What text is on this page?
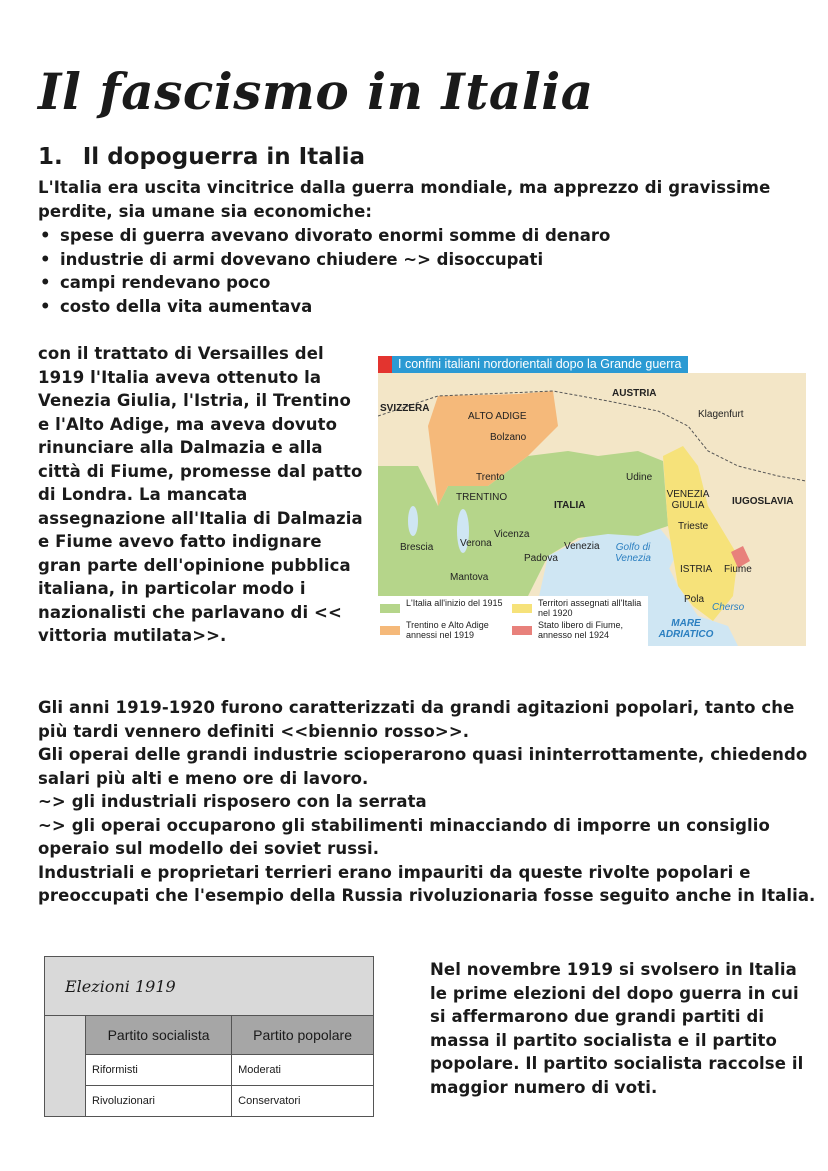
Il fascismo in Italia
1. Il dopoguerra in Italia
L'Italia era uscita vincitrice dalla guerra mondiale, ma apprezzo di gravissime perdite, sia umane sia economiche:
• spese di guerra avevano divorato enormi somme di denaro
• industrie di armi dovevano chiudere ~> disoccupati
• campi rendevano poco
• costo della vita aumentava
con il trattato di Versailles del 1919 l'Italia aveva ottenuto la Venezia Giulia, l'Istria, il Trentino e l'Alto Adige, ma aveva dovuto rinunciare alla Dalmazia e alla città di Fiume, promesse dal patto di Londra. La mancata assegnazione all'Italia di Dalmazia e Fiume avevo fatto indignare gran parte dell'opinione pubblica italiana, in particolar modo i nazionalisti che parlavano di << vittoria mutilata>>.
I confini italiani nordorientali dopo la Grande guerra
AUSTRIA
SVIZZERA
ALTO ADIGE
Bolzano
Klagenfurt
Trento	Udine
TRENTINO
ITALIA
VENEZIA GIULIA	IUGOSLAVIA
Trieste
Vicenza
Brescia	Verona	Venezia	Golfo di Venezia
Padova
ISTRIA Fiume
Mantova
Pola
Cherso
MARE ADRIATICO
L'Italia all'inizio del 1915
Trentino e Alto Adige annessi nel 1919
Territori assegnati all'Italia nel 1920
Stato libero di Fiume, annesso nel 1924
Gli anni 1919-1920 furono caratterizzati da grandi agitazioni popolari, tanto che più tardi vennero definiti <<biennio rosso>>.
Gli operai delle grandi industrie scioperarono quasi ininterrottamente, chiedendo salari più alti e meno ore di lavoro.
~> gli industriali risposero con la serrata
~> gli operai occuparono gli stabilimenti minacciando di imporre un consiglio operaio sul modello dei soviet russi.
Industriali e proprietari terrieri erano impauriti da queste rivolte popolari e preoccupati che l'esempio della Russia rivoluzionaria fosse seguito anche in Italia.
Elezioni 1919		
	Partito socialista	Partito popolare
	Riformisti	Moderati
	Rivoluzionari	Conservatori
Nel novembre 1919 si svolsero in Italia le prime elezioni del dopo guerra in cui si affermarono due grandi partiti di massa il partito socialista e il partito popolare. Il partito socialista raccolse il maggior numero di voti.
